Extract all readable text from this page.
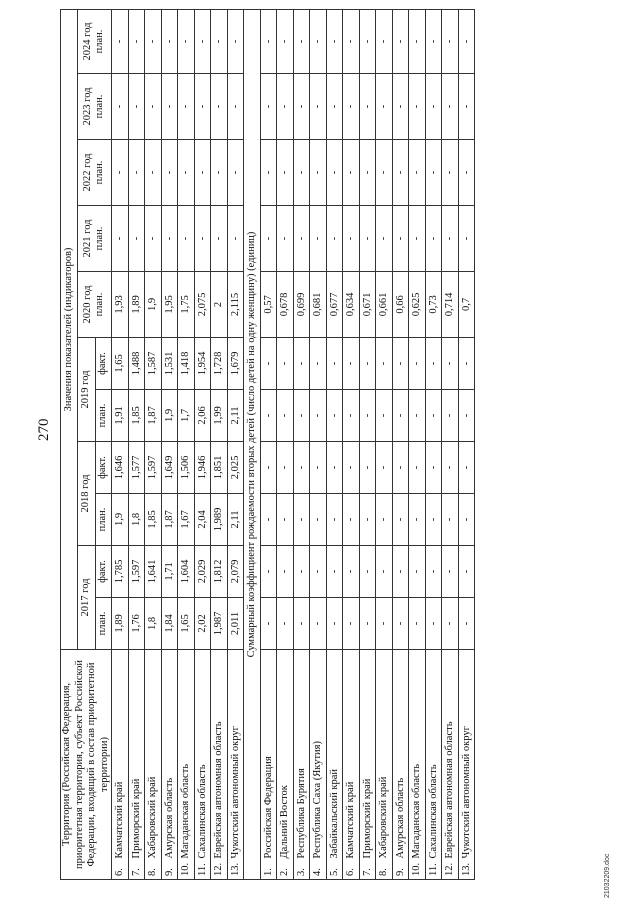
270
Территория (Российская Федерация, приоритетная территория, субъект Российской Федерации, входящий в состав приоритетной территории)		Значения показателей (индикаторов)										
		2017 год		2018 год		2019 год		2020 год план.	2021 год план.	2022 год план.	2023 год план.	2024 год план.
		план.	факт.	план.	факт.	план.	факт.					
6.	Камчатский край	1,89	1,785	1,9	1,646	1,91	1,65	1,93	-	-	-	-
7.	Приморский край	1,76	1,597	1,8	1,577	1,85	1,488	1,89	-	-	-	-
8.	Хабаровский край	1,8	1,641	1,85	1,597	1,87	1,587	1,9	-	-	-	-
9.	Амурская область	1,84	1,71	1,87	1,649	1,9	1,531	1,95	-	-	-	-
10.	Магаданская область	1,65	1,604	1,67	1,506	1,7	1,418	1,75	-	-	-	-
11.	Сахалинская область	2,02	2,029	2,04	1,946	2,06	1,954	2,075	-	-	-	-
12.	Еврейская автономная область	1,987	1,812	1,989	1,851	1,99	1,728	2	-	-	-	-
13.	Чукотский автономный округ	2,011	2,079	2,11	2,025	2,11	1,679	2,115	-	-	-	-
Суммарный коэффициент рождаемости вторых детей (число детей на одну женщину) (единиц)												
1.	Российская Федерация	-	-	-	-	-	-	0,57	-	-	-	-
2.	Дальний Восток	-	-	-	-	-	-	0,678	-	-	-	-
3.	Республика Бурятия	-	-	-	-	-	-	0,699	-	-	-	-
4.	Республика Саха (Якутия)	-	-	-	-	-	-	0,681	-	-	-	-
5.	Забайкальский край	-	-	-	-	-	-	0,677	-	-	-	-
6.	Камчатский край	-	-	-	-	-	-	0,634	-	-	-	-
7.	Приморский край	-	-	-	-	-	-	0,671	-	-	-	-
8.	Хабаровский край	-	-	-	-	-	-	0,661	-	-	-	-
9.	Амурская область	-	-	-	-	-	-	0,66	-	-	-	-
10.	Магаданская область	-	-	-	-	-	-	0,625	-	-	-	-
11.	Сахалинская область	-	-	-	-	-	-	0,73	-	-	-	-
12.	Еврейская автономная область	-	-	-	-	-	-	0,714	-	-	-	-
13.	Чукотский автономный округ	-	-	-	-	-	-	0,7	-	-	-	-
21032209.doc
